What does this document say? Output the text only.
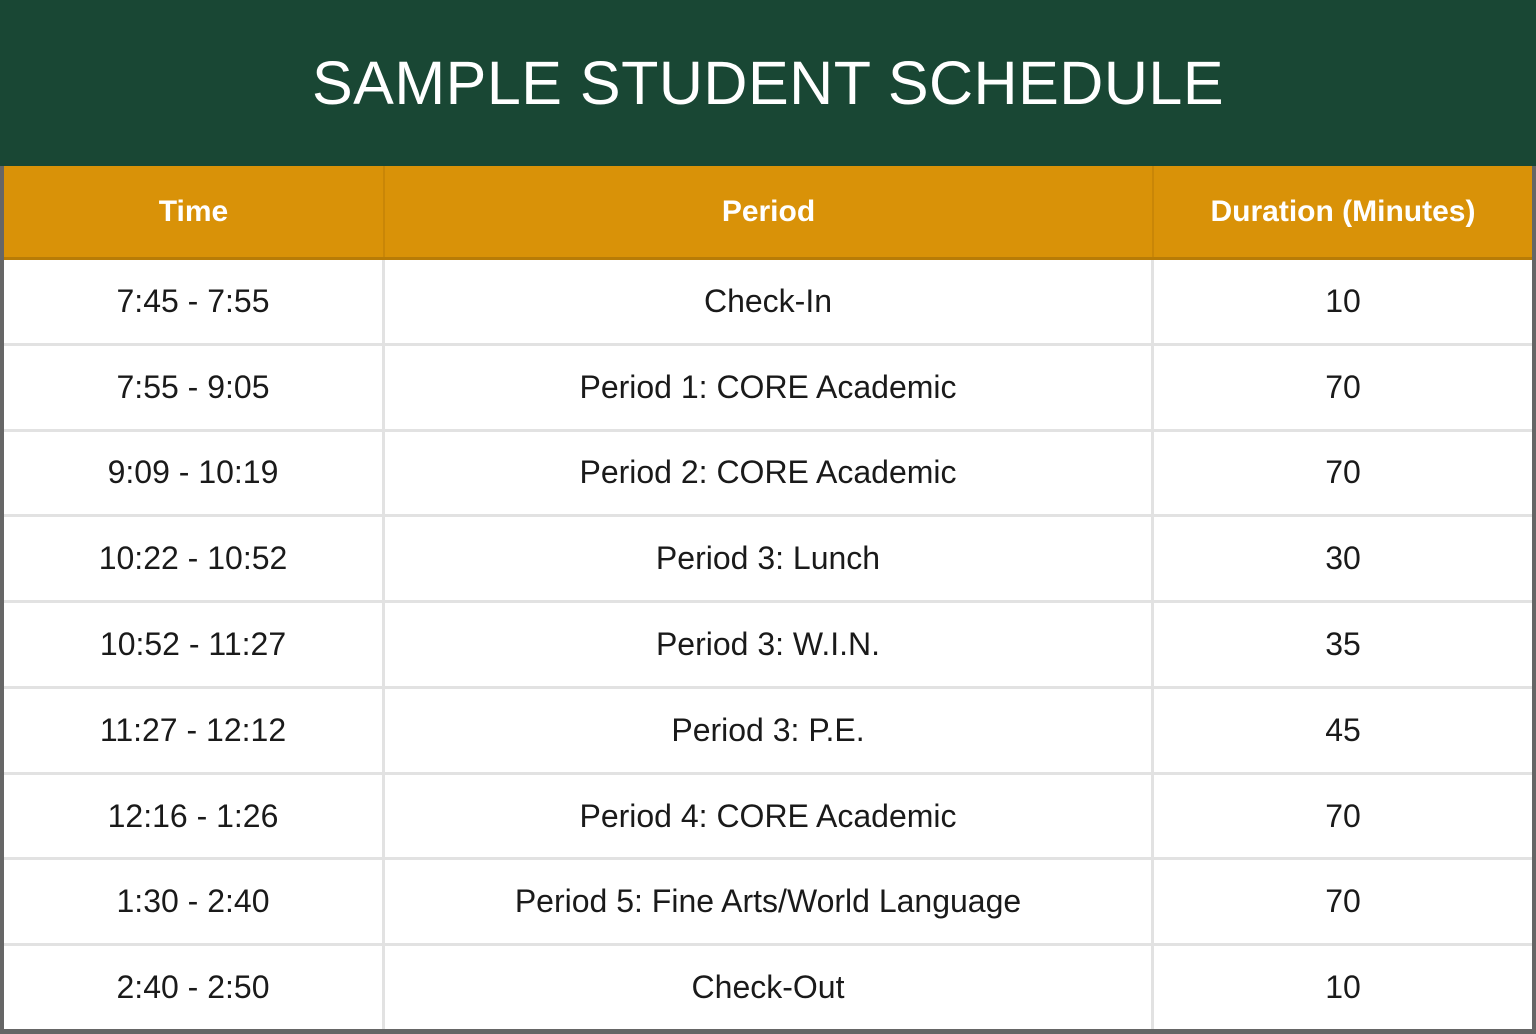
SAMPLE STUDENT SCHEDULE
Time	Period	Duration (Minutes)
7:45 - 7:55	Check-In	10
7:55 - 9:05	Period 1: CORE Academic	70
9:09 - 10:19	Period 2: CORE Academic	70
10:22 - 10:52	Period 3: Lunch	30
10:52 - 11:27	Period 3: W.I.N.	35
11:27 - 12:12	Period 3: P.E.	45
12:16 - 1:26	Period 4: CORE Academic	70
1:30 - 2:40	Period 5: Fine Arts/World Language	70
2:40 - 2:50	Check-Out	10
